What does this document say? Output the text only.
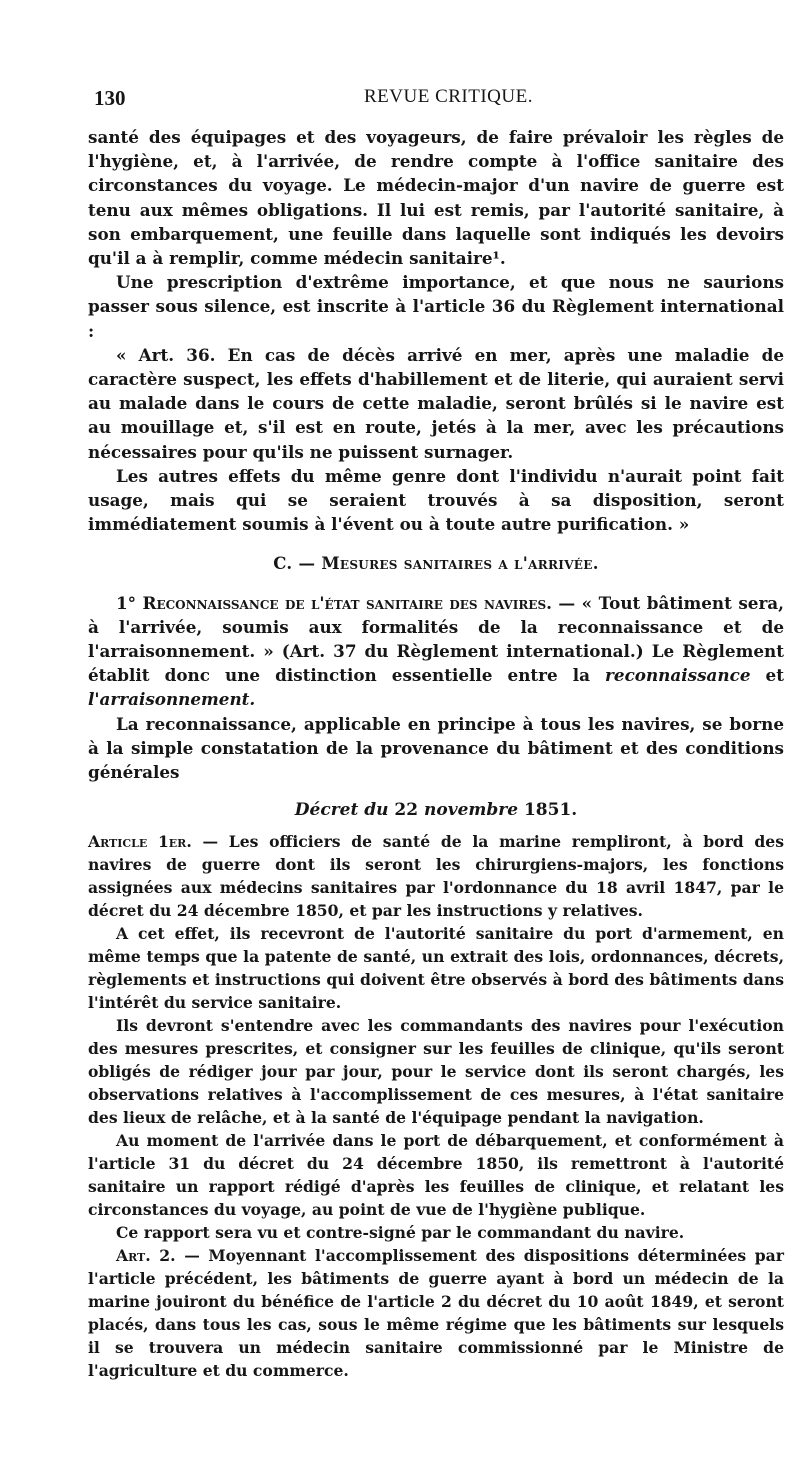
130	REVUE CRITIQUE.

santé des équipages et des voyageurs, de faire prévaloir les règles de l'hygiène, et, à l'arrivée, de rendre compte à l'office sanitaire des circonstances du voyage. Le médecin-major d'un navire de guerre est tenu aux mêmes obligations. Il lui est remis, par l'autorité sanitaire, à son embarquement, une feuille dans laquelle sont indiqués les devoirs qu'il a à remplir, comme médecin sanitaire¹.

Une prescription d'extrême importance, et que nous ne saurions passer sous silence, est inscrite à l'article 36 du Règlement international :

« Art. 36. En cas de décès arrivé en mer, après une maladie de caractère suspect, les effets d'habillement et de literie, qui auraient servi au malade dans le cours de cette maladie, seront brûlés si le navire est au mouillage et, s'il est en route, jetés à la mer, avec les précautions nécessaires pour qu'ils ne puissent surnager.

Les autres effets du même genre dont l'individu n'aurait point fait usage, mais qui se seraient trouvés à sa disposition, seront immédiatement soumis à l'évent ou à toute autre purification. »

C. — Mesures sanitaires a l'arrivée.

1° Reconnaissance de l'état sanitaire des navires. — « Tout bâtiment sera, à l'arrivée, soumis aux formalités de la reconnaissance et de l'arraisonnement. » (Art. 37 du Règlement international.) Le Règlement établit donc une distinction essentielle entre la reconnaissance et l'arraisonnement.

La reconnaissance, applicable en principe à tous les navires, se borne à la simple constatation de la provenance du bâtiment et des conditions générales

Décret du 22 novembre 1851.

Article 1er. — Les officiers de santé de la marine rempliront, à bord des navires de guerre dont ils seront les chirurgiens-majors, les fonctions assignées aux médecins sanitaires par l'ordonnance du 18 avril 1847, par le décret du 24 décembre 1850, et par les instructions y relatives.

A cet effet, ils recevront de l'autorité sanitaire du port d'armement, en même temps que la patente de santé, un extrait des lois, ordonnances, décrets, règlements et instructions qui doivent être observés à bord des bâtiments dans l'intérêt du service sanitaire.

Ils devront s'entendre avec les commandants des navires pour l'exécution des mesures prescrites, et consigner sur les feuilles de clinique, qu'ils seront obligés de rédiger jour par jour, pour le service dont ils seront chargés, les observations relatives à l'accomplissement de ces mesures, à l'état sanitaire des lieux de relâche, et à la santé de l'équipage pendant la navigation.

Au moment de l'arrivée dans le port de débarquement, et conformément à l'article 31 du décret du 24 décembre 1850, ils remettront à l'autorité sanitaire un rapport rédigé d'après les feuilles de clinique, et relatant les circonstances du voyage, au point de vue de l'hygiène publique.

Ce rapport sera vu et contre-signé par le commandant du navire.

Art. 2. — Moyennant l'accomplissement des dispositions déterminées par l'article précédent, les bâtiments de guerre ayant à bord un médecin de la marine jouiront du bénéfice de l'article 2 du décret du 10 août 1849, et seront placés, dans tous les cas, sous le même régime que les bâtiments sur lesquels il se trouvera un médecin sanitaire commissionné par le Ministre de l'agriculture et du commerce.
